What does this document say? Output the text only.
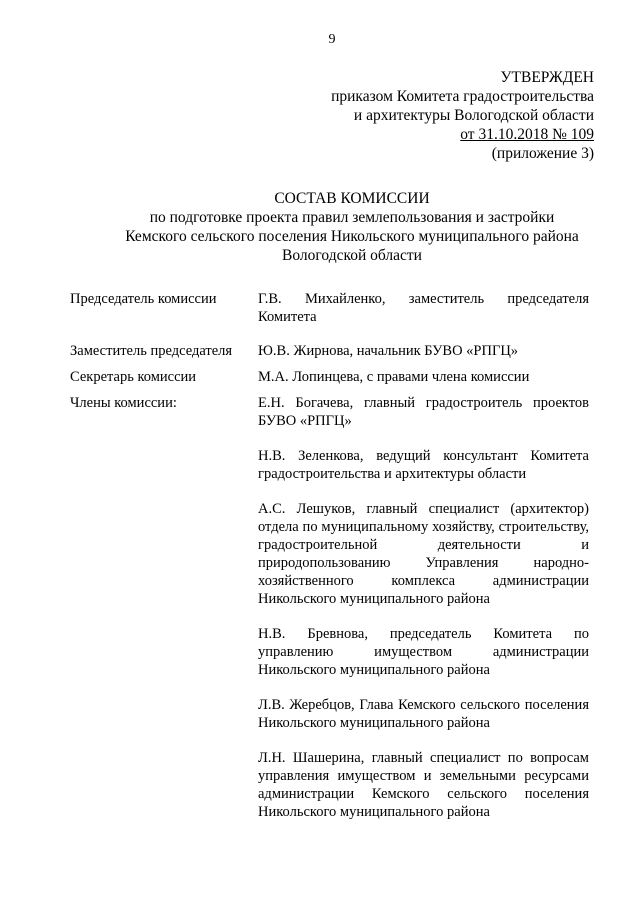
9
УТВЕРЖДЕН
приказом Комитета градостроительства
и архитектуры Вологодской области
от 31.10.2018 № 109
(приложение 3)
СОСТАВ КОМИССИИ
по подготовке проекта правил землепользования и застройки
Кемского сельского поселения Никольского муниципального района
Вологодской области
Председатель комиссии	Г.В. Михайленко, заместитель председателя Комитета
Заместитель председателя	Ю.В. Жирнова, начальник БУВО «РПГЦ»
Секретарь комиссии	М.А. Лопинцева, с правами члена комиссии
Члены комиссии:	Е.Н. Богачева, главный градостроитель проектов БУВО «РПГЦ»
Н.В. Зеленкова, ведущий консультант Комитета градостроительства и архитектуры области
А.С. Лешуков, главный специалист (архитектор) отдела по муниципальному хозяйству, строительству, градостроительной деятельности и природопользованию Управления народно-хозяйственного комплекса администрации Никольского муниципального района
Н.В. Бревнова, председатель Комитета по управлению имуществом администрации Никольского муниципального района
Л.В. Жеребцов, Глава Кемского сельского поселения Никольского муниципального района
Л.Н. Шашерина, главный специалист по вопросам управления имуществом и земельными ресурсами администрации Кемского сельского поселения Никольского муниципального района
